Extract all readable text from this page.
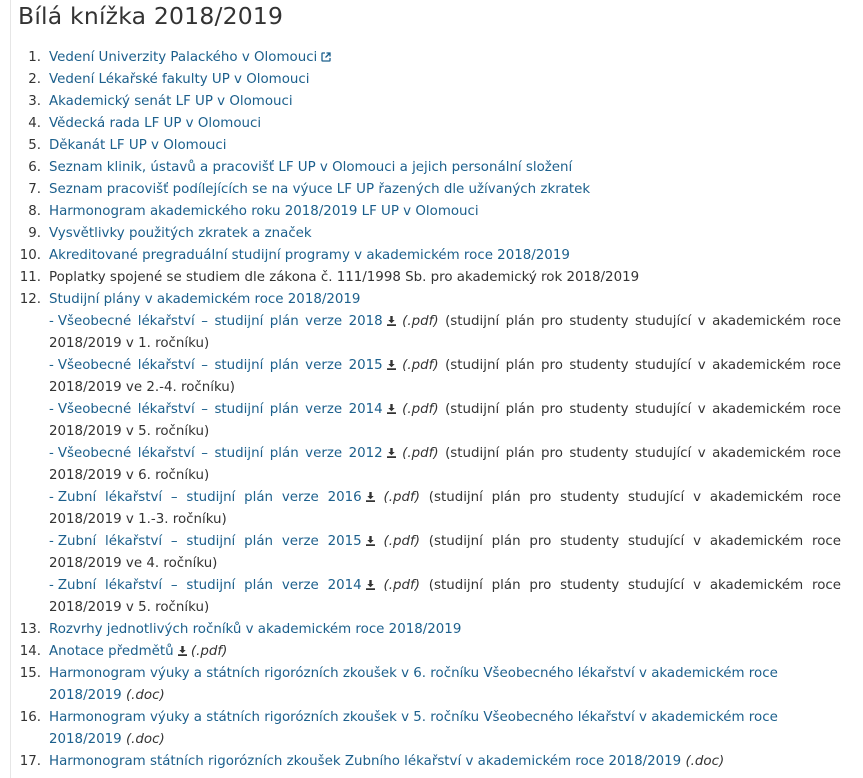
Bílá knížka 2018/2019
1. Vedení Univerzity Palackého v Olomouci
2. Vedení Lékařské fakulty UP v Olomouci
3. Akademický senát LF UP v Olomouci
4. Vědecká rada LF UP v Olomouci
5. Děkanát LF UP v Olomouci
6. Seznam klinik, ústavů a pracovišť LF UP v Olomouci a jejich personální složení
7. Seznam pracovišť podílejících se na výuce LF UP řazených dle užívaných zkratek
8. Harmonogram akademického roku 2018/2019 LF UP v Olomouci
9. Vysvětlivky použitých zkratek a značek
10. Akreditované pregraduální studijní programy v akademickém roce 2018/2019
11. Poplatky spojené se studiem dle zákona č. 111/1998 Sb. pro akademický rok 2018/2019
12. Studijní plány v akademickém roce 2018/2019
- Všeobecné lékařství – studijní plán verze 2018 (.pdf) (studijní plán pro studenty studující v akademickém roce 2018/2019 v 1. ročníku)
- Všeobecné lékařství – studijní plán verze 2015 (.pdf) (studijní plán pro studenty studující v akademickém roce 2018/2019 ve 2.-4. ročníku)
- Všeobecné lékařství – studijní plán verze 2014 (.pdf) (studijní plán pro studenty studující v akademickém roce 2018/2019 v 5. ročníku)
- Všeobecné lékařství – studijní plán verze 2012 (.pdf) (studijní plán pro studenty studující v akademickém roce 2018/2019 v 6. ročníku)
- Zubní lékařství – studijní plán verze 2016 (.pdf) (studijní plán pro studenty studující v akademickém roce 2018/2019 v 1.-3. ročníku)
- Zubní lékařství – studijní plán verze 2015 (.pdf) (studijní plán pro studenty studující v akademickém roce 2018/2019 ve 4. ročníku)
- Zubní lékařství – studijní plán verze 2014 (.pdf) (studijní plán pro studenty studující v akademickém roce 2018/2019 v 5. ročníku)
13. Rozvrhy jednotlivých ročníků v akademickém roce 2018/2019
14. Anotace předmětů (.pdf)
15. Harmonogram výuky a státních rigorózních zkoušek v 6. ročníku Všeobecného lékařství v akademickém roce 2018/2019 (.doc)
16. Harmonogram výuky a státních rigorózních zkoušek v 5. ročníku Všeobecného lékařství v akademickém roce 2018/2019 (.doc)
17. Harmonogram státních rigorózních zkoušek Zubního lékařství v akademickém roce 2018/2019 (.doc)
